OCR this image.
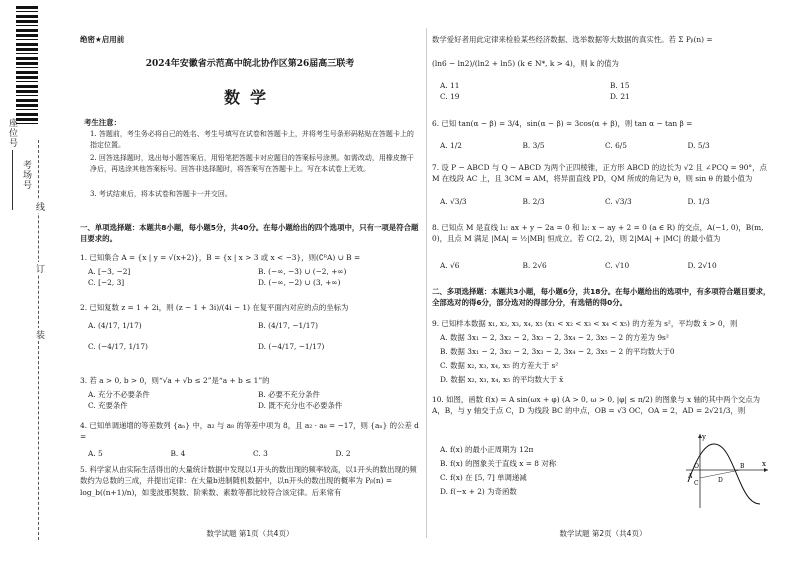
座位号
考场号
线
订
装
绝密★启用前
2024年安徽省示范高中皖北协作区第26届高三联考
数学
考生注意：
1. 答题前，考生务必将自己的姓名、考生号填写在试卷和答题卡上，并将考生号条形码粘贴在答题卡上的指定位置。
2. 回答选择题时，选出每小题答案后，用铅笔把答题卡对应题目的答案标号涂黑。如需改动，用橡皮擦干净后，再选涂其他答案标号。回答非选择题时，将答案写在答题卡上。写在本试卷上无效。
3. 考试结束后，将本试卷和答题卡一并交回。
一、单项选择题：本题共8小题，每小题5分，共40分。在每小题给出的四个选项中，只有一项是符合题目要求的。
1. 已知集合 A = {x | y = √(x+2)}，B = {x | x > 3 或 x < −3}，则(∁ᴿA) ∪ B =
A. [−3, −2]	B. (−∞, −3) ∪ (−2, +∞)
C. [−2, 3]	D. (−∞, −2) ∪ (3, +∞)
2. 已知复数 z = 1 + 2i，则 (z − 1 + 3i)/(4i − 1) 在复平面内对应的点的坐标为
A. (4/17, 1/17)	B. (4/17, −1/17)
C. (−4/17, 1/17)	D. (−4/17, −1/17)
3. 若 a > 0, b > 0，则“√a + √b ≤ 2”是“a + b ≤ 1”的
A. 充分不必要条件	B. 必要不充分条件
C. 充要条件	D. 既不充分也不必要条件
4. 已知单调递增的等差数列 {aₙ} 中，a₂ 与 a₈ 的等差中项为 8，且 a₂ · a₈ = −17，则 {aₙ} 的公差 d =
A. 5	B. 4	C. 3	D. 2
5. 科学家从由实际生活得出的大量统计数据中发现以1开头的数出现的频率较高，以1开头的数出现的频数约为总数的三成，并提出定律：在大量b进制随机数据中，以n开头的数出现的概率为 Pᵦ(n) = log_b((n+1)/n)，如斐波那契数、阶乘数、素数等都比较符合该定律。后来常有
数学试题 第1页（共4页）
数学爱好者用此定律来检验某些经济数据、选举数据等大数据的真实性。若 Σ Pᵦ(n) =
(ln6 − ln2)/(ln2 + ln5) (k ∈ N*, k > 4)，则 k 的值为
A. 11	B. 15
C. 19	D. 21
6. 已知 tan(α − β) = 3/4，sin(α − β) = 3cos(α + β)，则 tan α − tan β =
A. 1/2	B. 3/5	C. 6/5	D. 5/3
7. 设 P − ABCD 与 Q − ABCD 为两个正四棱锥，正方形 ABCD 的边长为 √2 且 ∠PCQ = 90°，点 M 在线段 AC 上，且 3CM = AM，将异面直线 PD，QM 所成的角记为 θ，则 sin θ 的最小值为
A. √3/3	B. 2/3	C. √3/3	D. 1/3
8. 已知点 M 是直线 l₁: ax + y − 2a = 0 和 l₂: x − ay + 2 = 0 (a ∈ R) 的交点，A(−1, 0)，B(m, 0)，且点 M 满足 |MA| = ½|MB| 恒成立。若 C(2, 2)，则 2|MA| + |MC| 的最小值为
A. √6	B. 2√6	C. √10	D. 2√10
二、多项选择题：本题共3小题，每小题6分，共18分。在每小题给出的选项中，有多项符合题目要求，全部选对的得6分，部分选对的得部分分，有选错的得0分。
9. 已知样本数据 x₁, x₂, x₃, x₄, x₅ (x₁ < x₂ < x₃ < x₄ < x₅) 的方差为 s²，平均数 x̄ > 0，则
A. 数据 3x₁ − 2, 3x₂ − 2, 3x₃ − 2, 3x₄ − 2, 3x₅ − 2 的方差为 9s²
B. 数据 3x₁ − 2, 3x₂ − 2, 3x₃ − 2, 3x₄ − 2, 3x₅ − 2 的平均数大于0
C. 数据 x₂, x₃, x₄, x₅ 的方差大于 s²
D. 数据 x₂, x₃, x₄, x₅ 的平均数大于 x̄
10. 如图，函数 f(x) = A sin(ωx + φ) (A > 0, ω > 0, |φ| ≤ π/2) 的图象与 x 轴的其中两个交点为 A，B，与 y 轴交于点 C，D 为线段 BC 的中点，OB = √3 OC，OA = 2，AD = 2√21/3，则
A. f(x) 的最小正周期为 12π
B. f(x) 的图象关于直线 x = 8 对称
C. f(x) 在 [5, 7] 单调递减
D. f(−x + 2) 为奇函数
y
x
O
A
B
C	D
数学试题 第2页（共4页）
